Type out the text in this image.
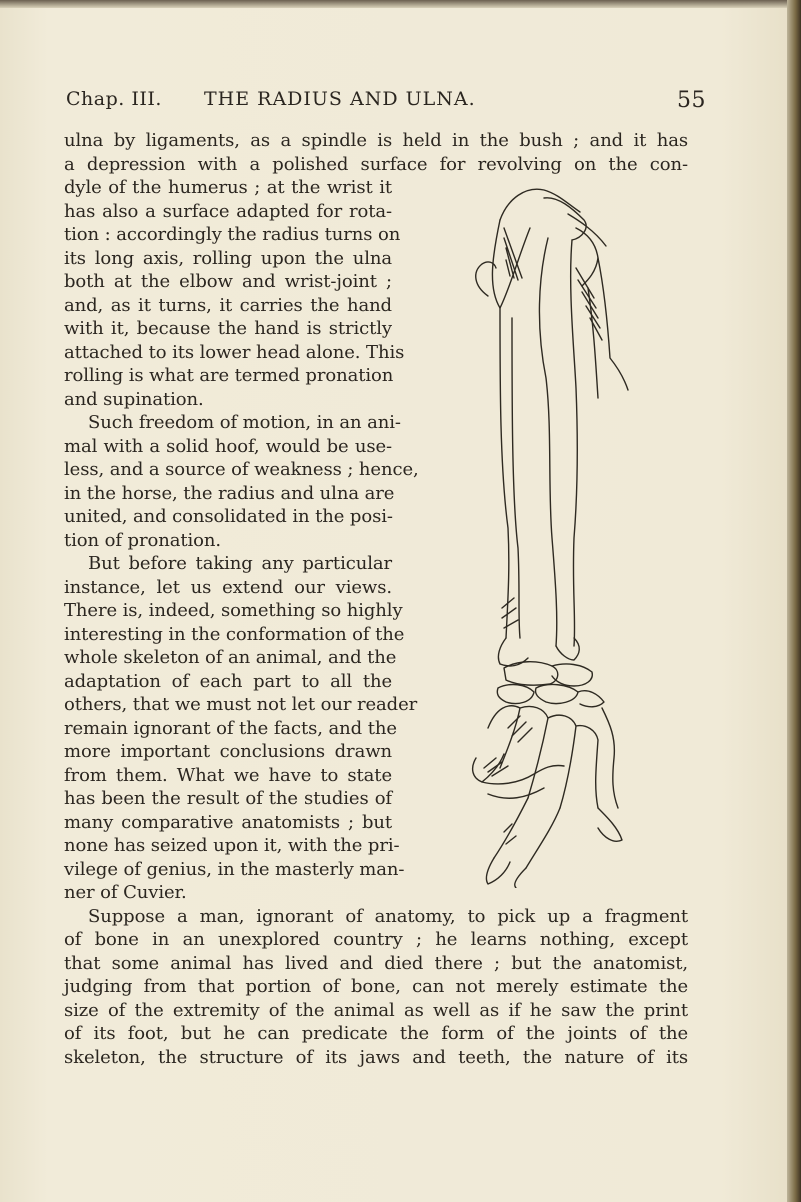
Chap. III. THE RADIUS AND ULNA.	55
ulna by ligaments, as a spindle is held in the bush ; and it has
a depression with a polished surface for revolving on the con-
dyle of the humerus ; at the wrist it
has also a surface adapted for rota-
tion : accordingly the radius turns on
its long axis, rolling upon the ulna
both at the elbow and wrist-joint ;
and, as it turns, it carries the hand
with it, because the hand is strictly
attached to its lower head alone. This
rolling is what are termed pronation
and supination.
Such freedom of motion, in an ani-
mal with a solid hoof, would be use-
less, and a source of weakness ; hence,
in the horse, the radius and ulna are
united, and consolidated in the posi-
tion of pronation.
But before taking any particular
instance, let us extend our views.
There is, indeed, something so highly
interesting in the conformation of the
whole skeleton of an animal, and the
adaptation of each part to all the
others, that we must not let our reader
remain ignorant of the facts, and the
more important conclusions drawn
from them. What we have to state
has been the result of the studies of
many comparative anatomists ; but
none has seized upon it, with the pri-
vilege of genius, in the masterly man-
ner of Cuvier.
Suppose a man, ignorant of anatomy, to pick up a fragment
of bone in an unexplored country ; he learns nothing, except
that some animal has lived and died there ; but the anatomist,
judging from that portion of bone, can not merely estimate the
size of the extremity of the animal as well as if he saw the print
of its foot, but he can predicate the form of the joints of the
skeleton, the structure of its jaws and teeth, the nature of its
